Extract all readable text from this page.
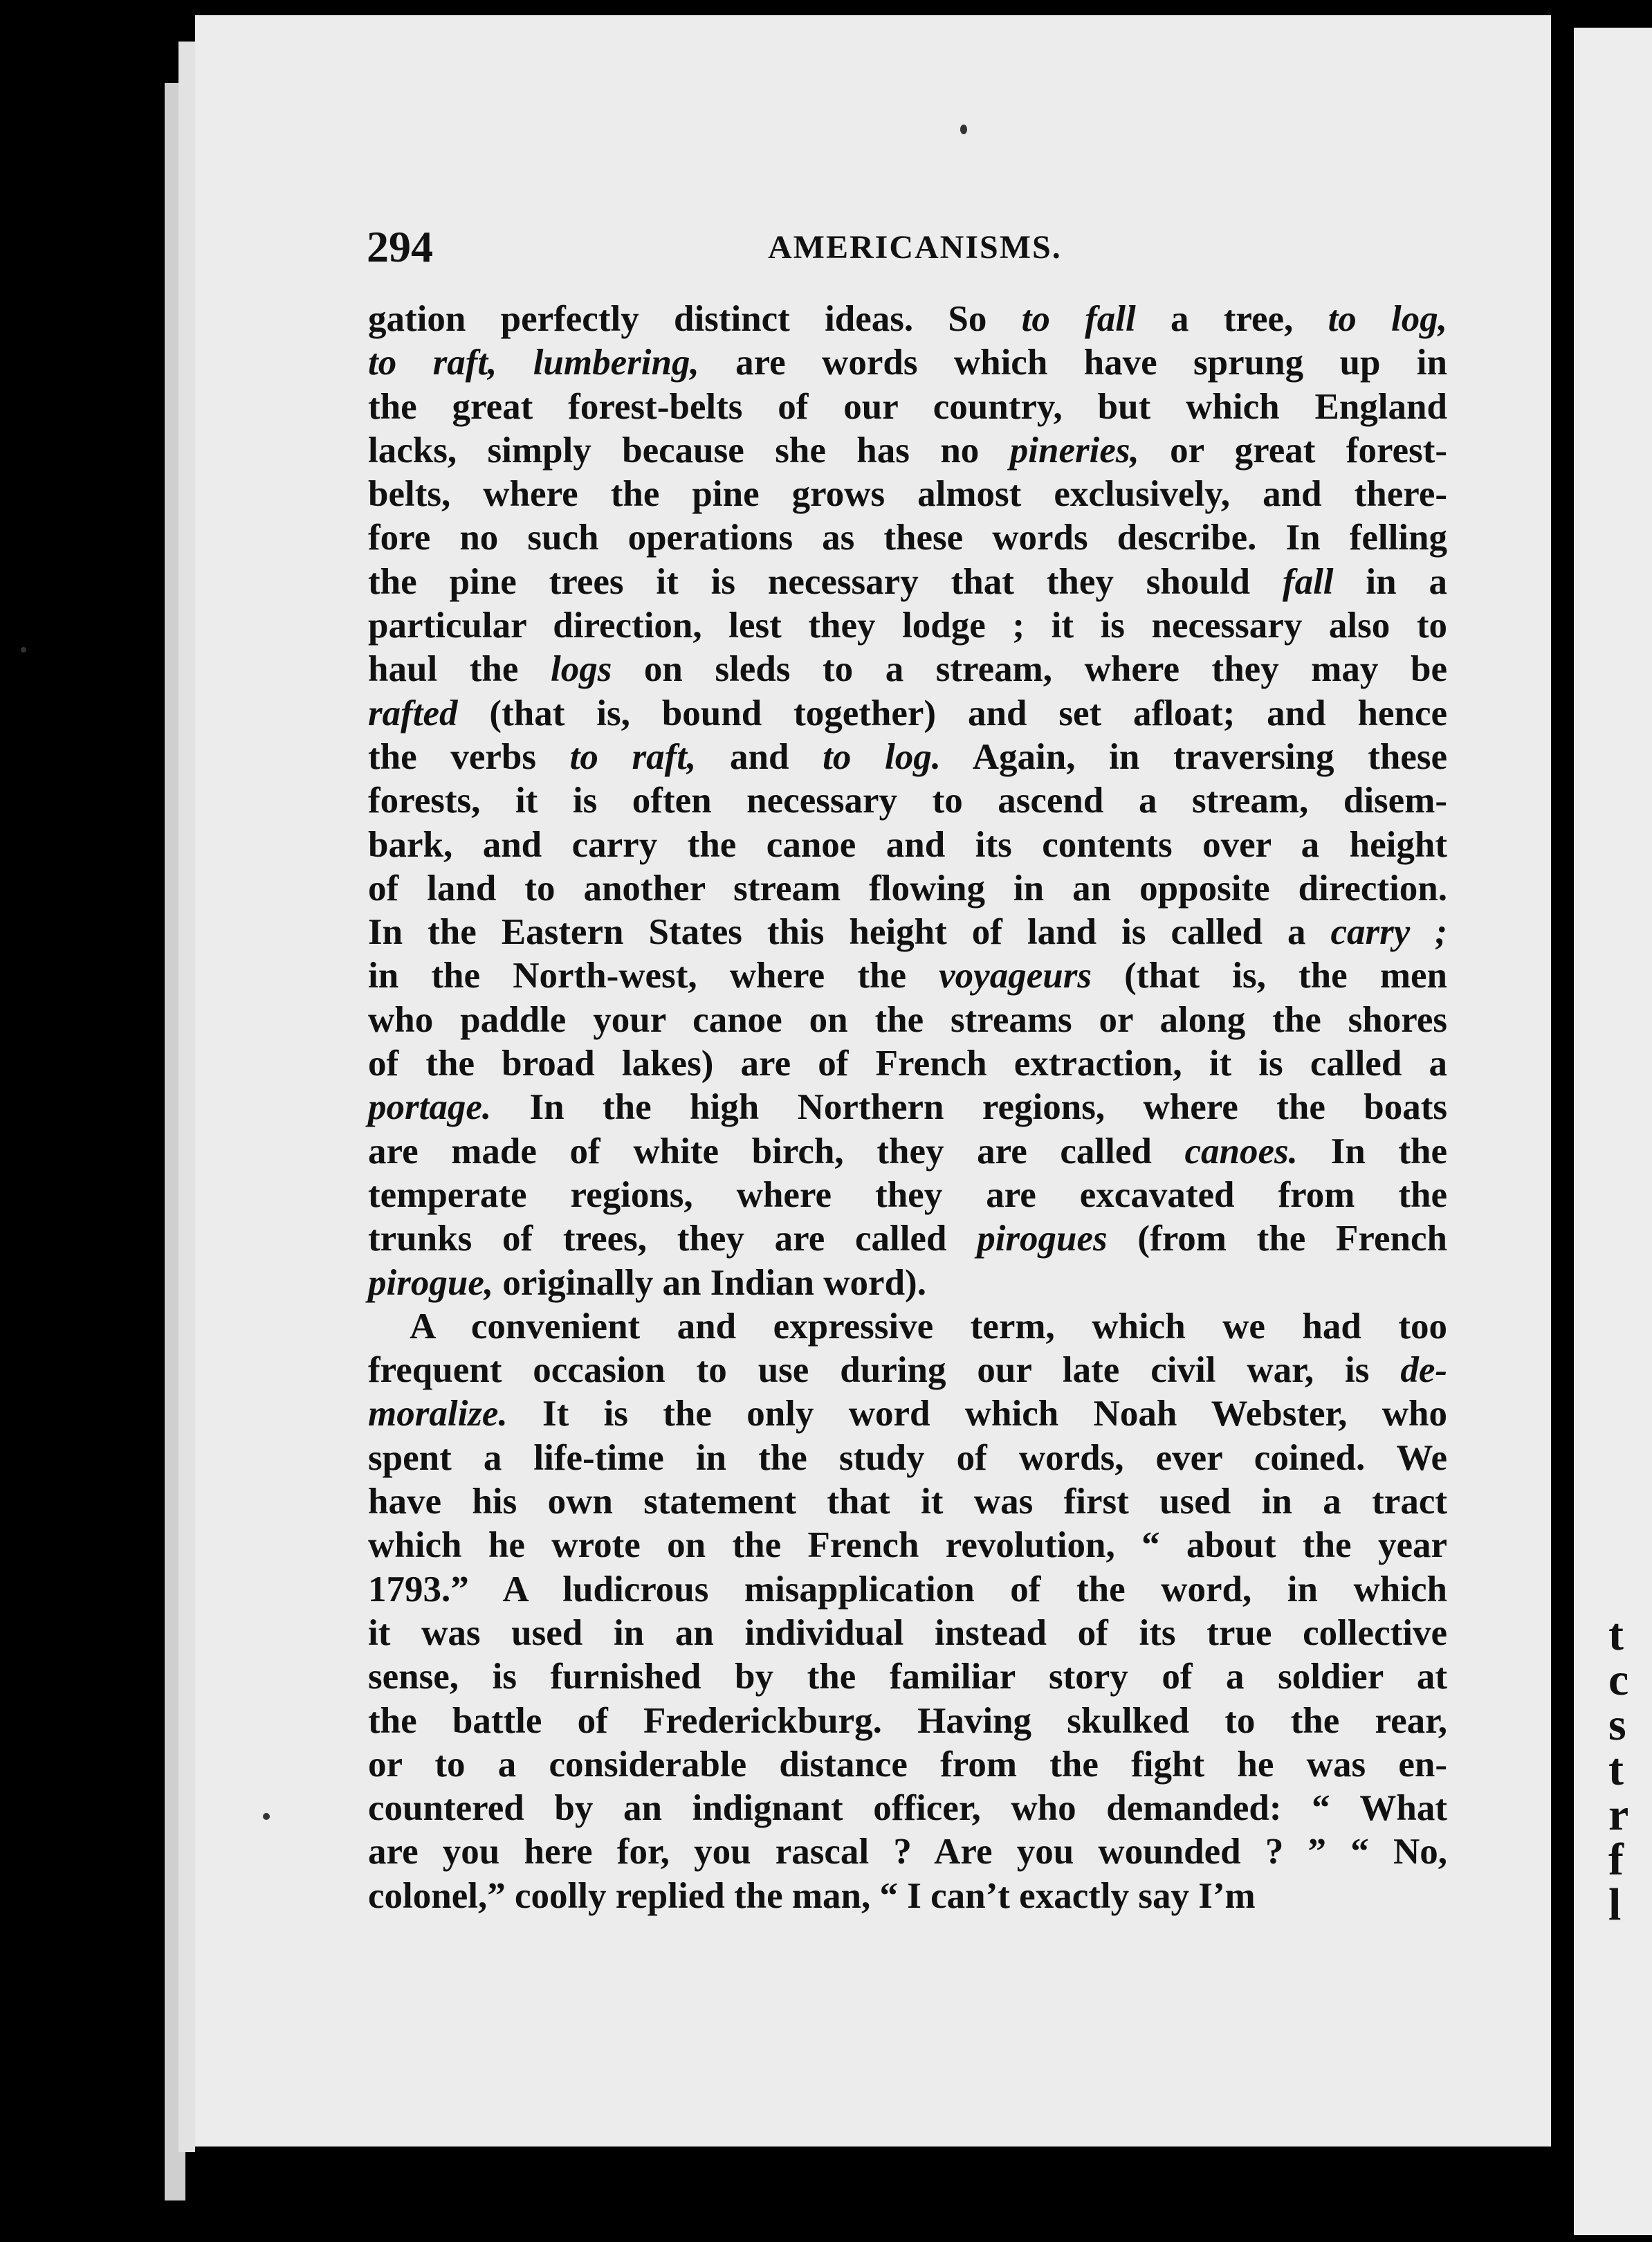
t
c
s
t
r
f
l
294	AMERICANISMS.
gation perfectly distinct ideas. So to fall a tree, to log,
to raft, lumbering, are words which have sprung up in
the great forest-belts of our country, but which England
lacks, simply because she has no pineries, or great forest-
belts, where the pine grows almost exclusively, and there-
fore no such operations as these words describe. In felling
the pine trees it is necessary that they should fall in a
particular direction, lest they lodge ; it is necessary also to
haul the logs on sleds to a stream, where they may be
rafted (that is, bound together) and set afloat; and hence
the verbs to raft, and to log. Again, in traversing these
forests, it is often necessary to ascend a stream, disem-
bark, and carry the canoe and its contents over a height
of land to another stream flowing in an opposite direction.
In the Eastern States this height of land is called a carry ;
in the North-west, where the voyageurs (that is, the men
who paddle your canoe on the streams or along the shores
of the broad lakes) are of French extraction, it is called a
portage. In the high Northern regions, where the boats
are made of white birch, they are called canoes. In the
temperate regions, where they are excavated from the
trunks of trees, they are called pirogues (from the French
pirogue, originally an Indian word).
A convenient and expressive term, which we had too
frequent occasion to use during our late civil war, is de-
moralize. It is the only word which Noah Webster, who
spent a life-time in the study of words, ever coined. We
have his own statement that it was first used in a tract
which he wrote on the French revolution, “ about the year
1793.” A ludicrous misapplication of the word, in which
it was used in an individual instead of its true collective
sense, is furnished by the familiar story of a soldier at
the battle of Frederickburg. Having skulked to the rear,
or to a considerable distance from the fight he was en-
countered by an indignant officer, who demanded: “ What
are you here for, you rascal ? Are you wounded ? ” “ No,
colonel,” coolly replied the man, “ I can’t exactly say I’m
